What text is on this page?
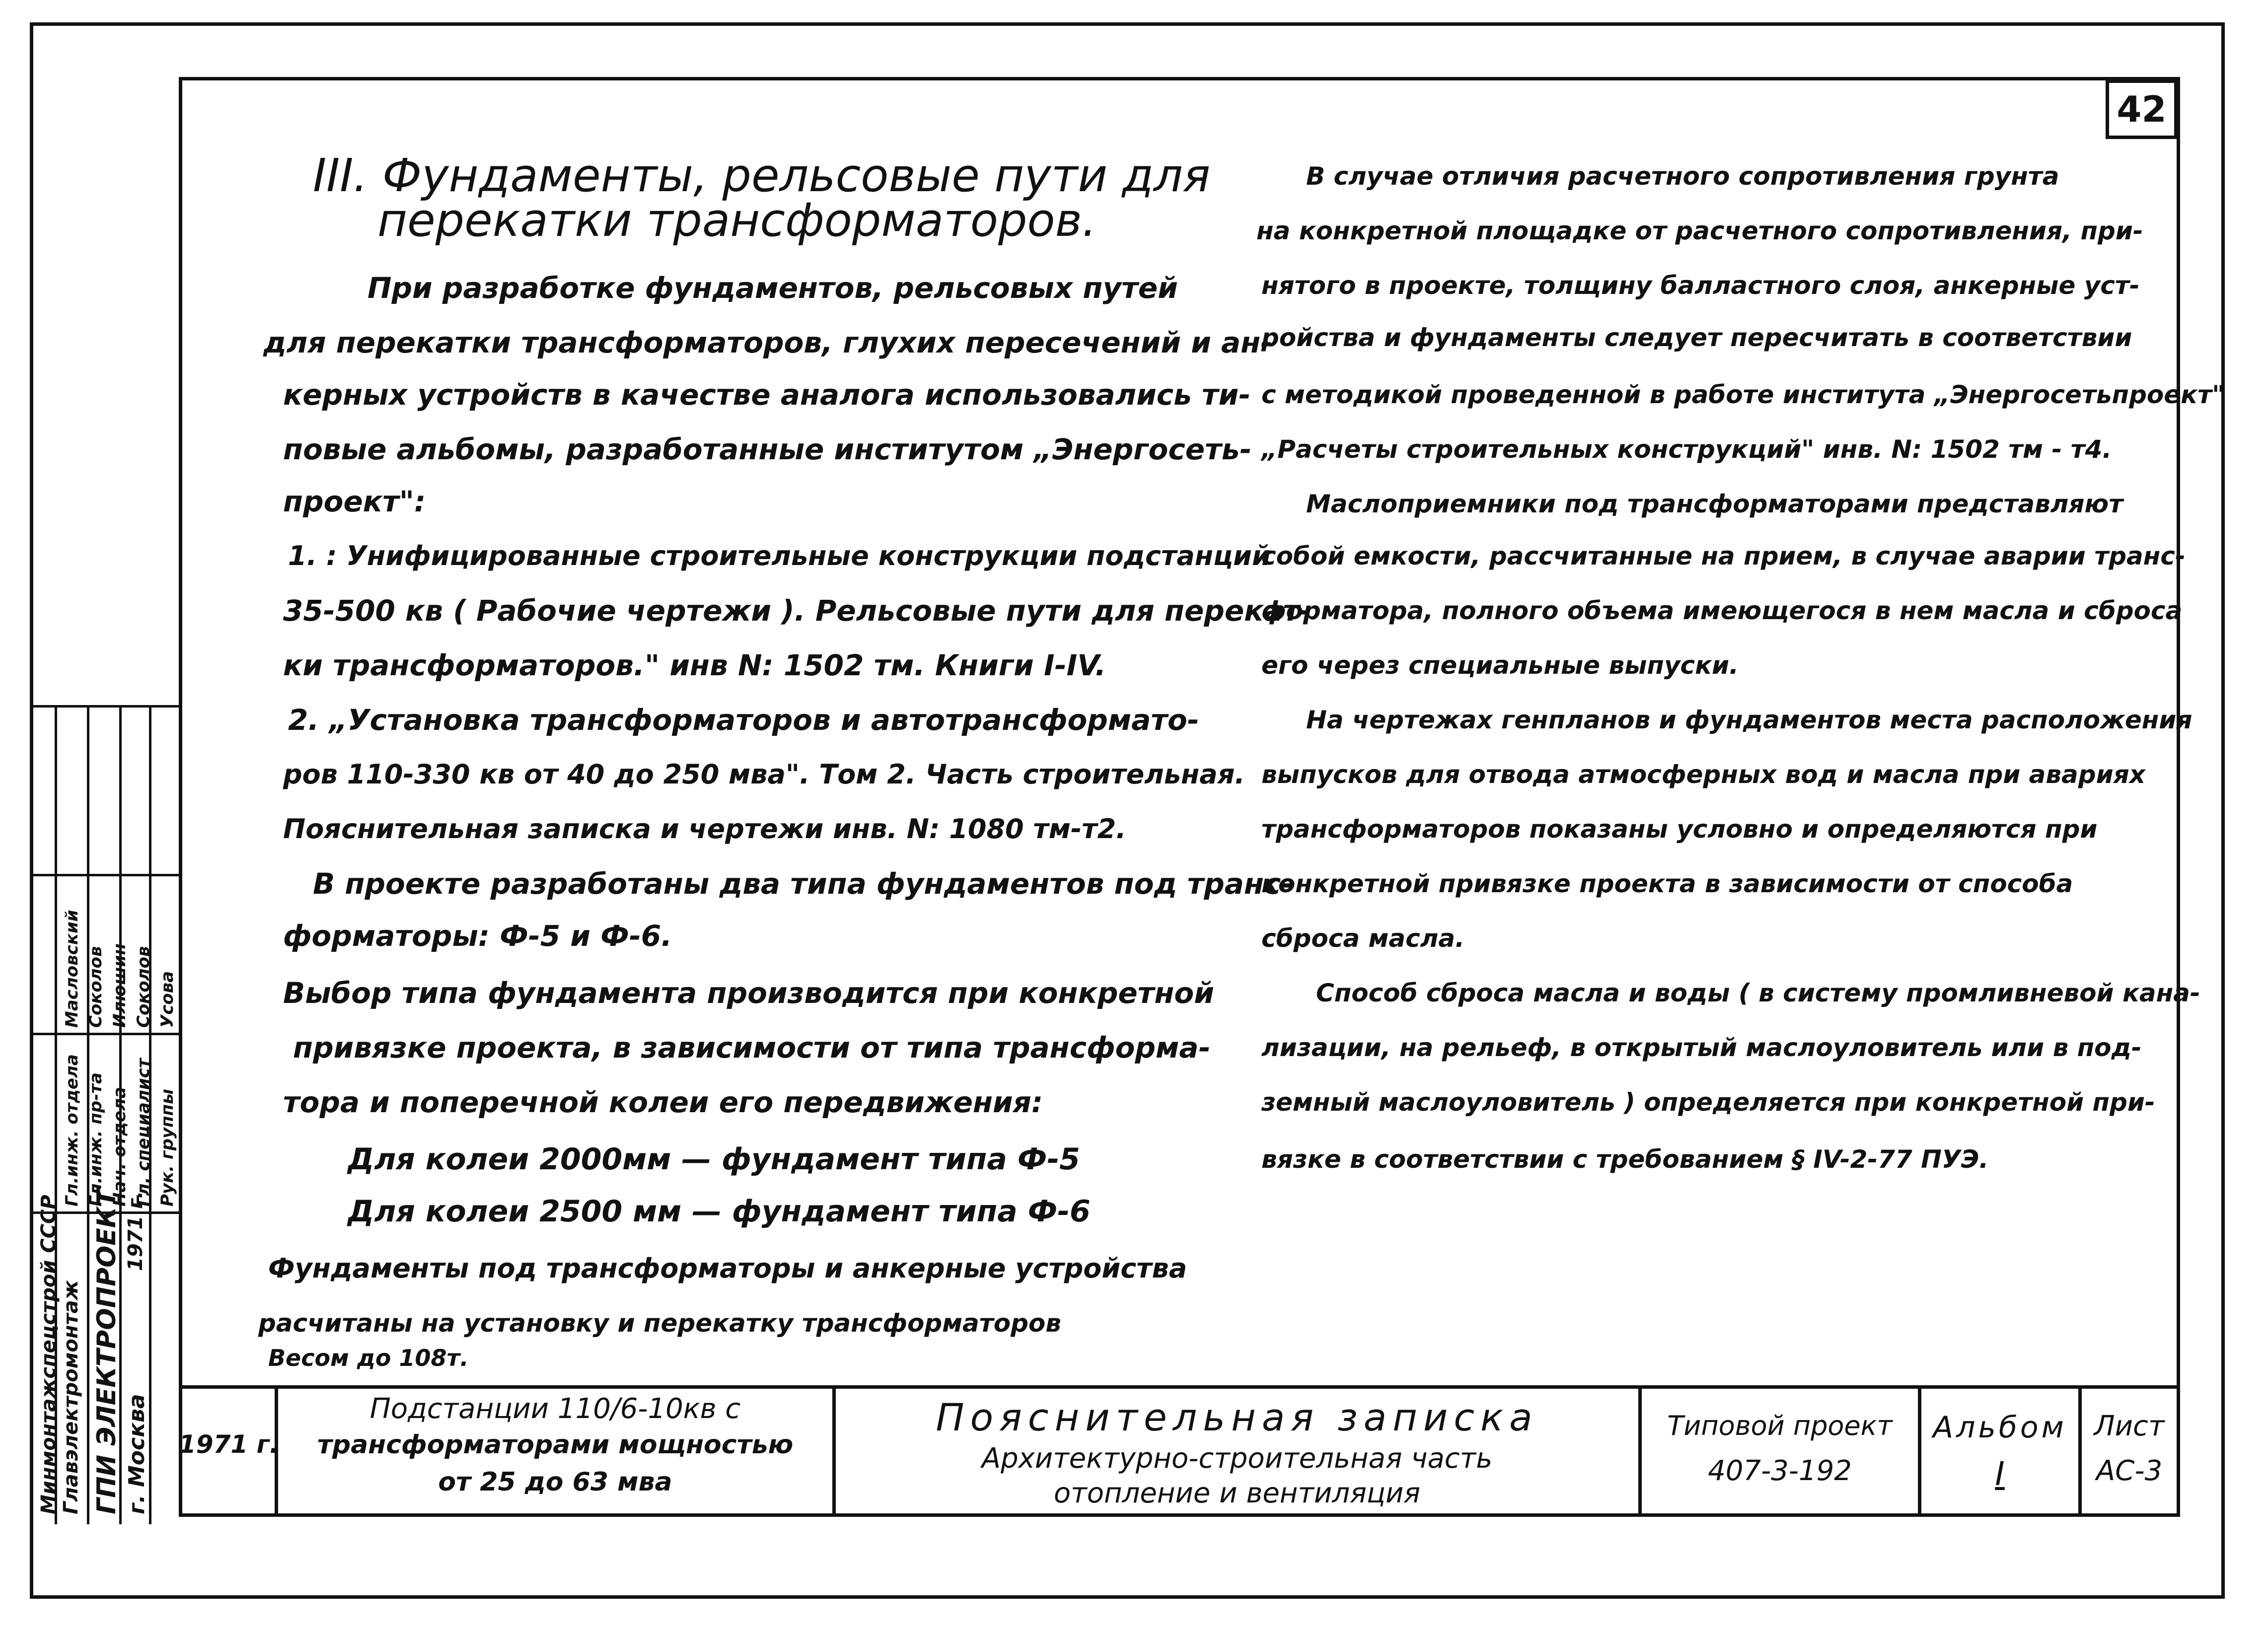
42
III. Фундаменты, рельсовые пути для
перекатки трансформаторов.
При разработке фундаментов, рельсовых путей
для перекатки трансформаторов, глухих пересечений и ан-
керных устройств в качестве аналога использовались ти-
повые альбомы, разработанные институтом „Энергосеть-
проект":
1. : Унифицированные строительные конструкции подстанций
35-500 кв ( Рабочие чертежи ). Рельсовые пути для перекат-
ки трансформаторов." инв N: 1502 тм. Книги I-IV.
2. „Установка трансформаторов и автотрансформато-
ров 110-330 кв от 40 до 250 мва". Том 2. Часть строительная.
Пояснительная записка и чертежи инв. N: 1080 тм-т2.
В проекте разработаны два типа фундаментов под транс-
форматоры: Ф-5 и Ф-6.
Выбор типа фундамента производится при конкретной
привязке проекта, в зависимости от типа трансформа-
тора и поперечной колеи его передвижения:
Для колеи 2000мм — фундамент типа Ф-5
Для колеи 2500 мм — фундамент типа Ф-6
Фундаменты под трансформаторы и анкерные устройства
расчитаны на установку и перекатку трансформаторов
Весом до 108т.
В случае отличия расчетного сопротивления грунта
на конкретной площадке от расчетного сопротивления, при-
нятого в проекте, толщину балластного слоя, анкерные уст-
ройства и фундаменты следует пересчитать в соответствии
с методикой проведенной в работе института „Энергосетьпроект"
„Расчеты строительных конструкций" инв. N: 1502 тм - т4.
Маслоприемники под трансформаторами представляют
собой емкости, рассчитанные на прием, в случае аварии транс-
форматора, полного объема имеющегося в нем масла и сброса
его через специальные выпуски.
На чертежах генпланов и фундаментов места расположения
выпусков для отвода атмосферных вод и масла при авариях
трансформаторов показаны условно и определяются при
конкретной привязке проекта в зависимости от способа
сброса масла.
Способ сброса масла и воды ( в систему промливневой кана-
лизации, на рельеф, в открытый маслоуловитель или в под-
земный маслоуловитель ) определяется при конкретной при-
вязке в соответствии с требованием § IV-2-77 ПУЭ.
Минмонтажспецстрой СССР Главэлектромонтаж ГПИ ЭЛЕКТРОПРОЕКТ г. Москва
1971 г.
Гл.инж. отдела
Масловский
Гл.инж. пр-та
Соколов
Нач. отдела
Илюшин
Гл. специалист
Соколов
Рук. группы
Усова
1971 г.
Подстанции 110/6-10кв с
трансформаторами мощностью
от 25 до 63 мва
Пояснительная записка
Архитектурно-строительная часть
отопление и вентиляция
Типовой проект
407-3-192
Альбом
I
Лист
АС-3
